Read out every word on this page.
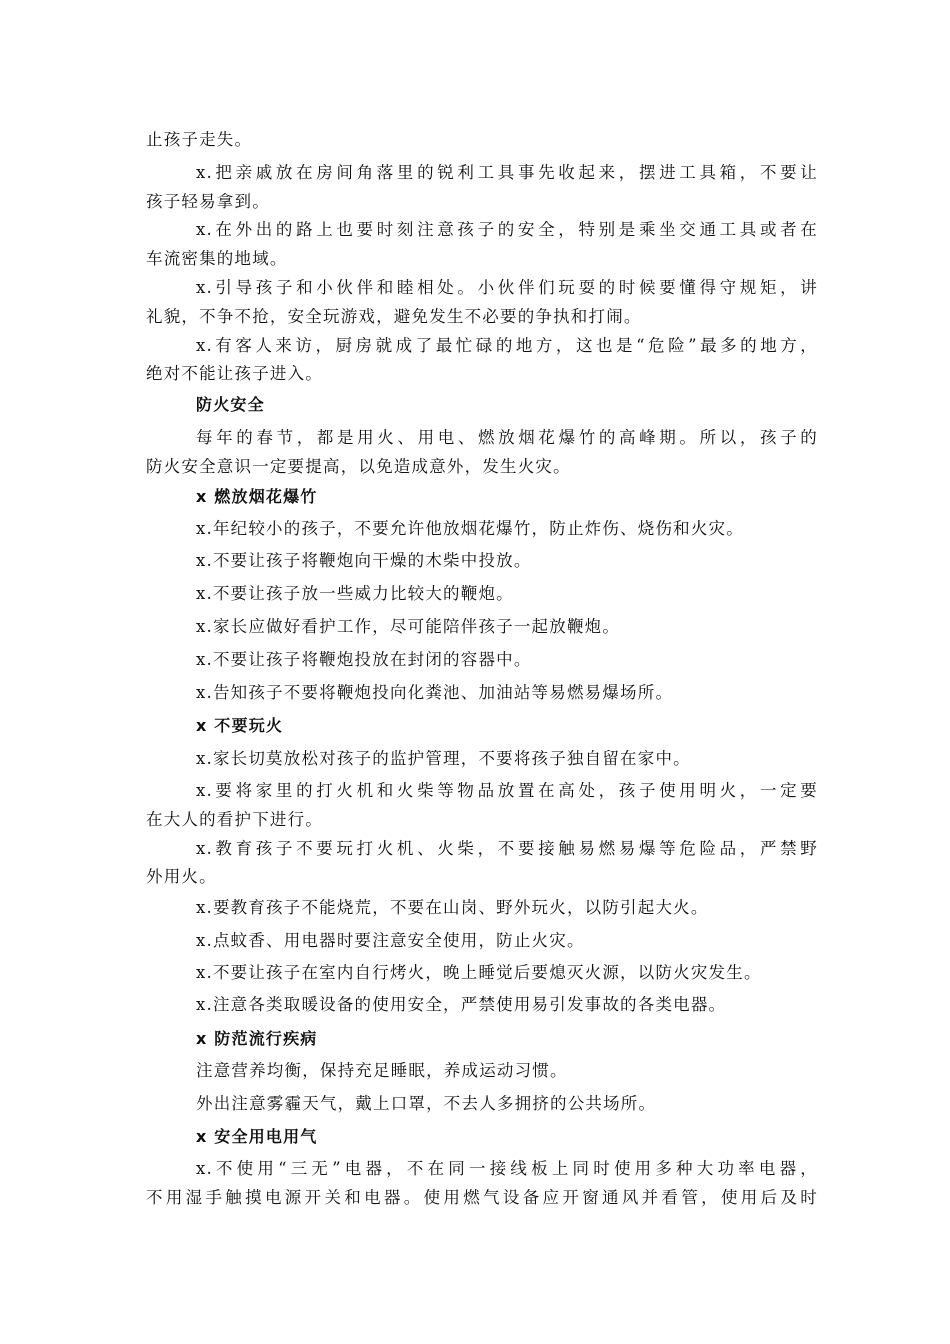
止孩子走失。
x.把亲戚放在房间角落里的锐利工具事先收起来，摆进工具箱，不要让
孩子轻易拿到。
x.在外出的路上也要时刻注意孩子的安全，特别是乘坐交通工具或者在
车流密集的地域。
x.引导孩子和小伙伴和睦相处。小伙伴们玩耍的时候要懂得守规矩，讲
礼貌，不争不抢，安全玩游戏，避免发生不必要的争执和打闹。
x.有客人来访，厨房就成了最忙碌的地方，这也是“危险”最多的地方，
绝对不能让孩子进入。
防火安全
每年的春节，都是用火、用电、燃放烟花爆竹的高峰期。所以，孩子的
防火安全意识一定要提高，以免造成意外，发生火灾。
x 燃放烟花爆竹
x.年纪较小的孩子，不要允许他放烟花爆竹，防止炸伤、烧伤和火灾。
x.不要让孩子将鞭炮向干燥的木柴中投放。
x.不要让孩子放一些威力比较大的鞭炮。
x.家长应做好看护工作，尽可能陪伴孩子一起放鞭炮。
x.不要让孩子将鞭炮投放在封闭的容器中。
x.告知孩子不要将鞭炮投向化粪池、加油站等易燃易爆场所。
x 不要玩火
x.家长切莫放松对孩子的监护管理，不要将孩子独自留在家中。
x.要将家里的打火机和火柴等物品放置在高处，孩子使用明火，一定要
在大人的看护下进行。
x.教育孩子不要玩打火机、火柴，不要接触易燃易爆等危险品，严禁野
外用火。
x.要教育孩子不能烧荒，不要在山岗、野外玩火，以防引起大火。
x.点蚊香、用电器时要注意安全使用，防止火灾。
x.不要让孩子在室内自行烤火，晚上睡觉后要熄灭火源，以防火灾发生。
x.注意各类取暖设备的使用安全，严禁使用易引发事故的各类电器。
x 防范流行疾病
注意营养均衡，保持充足睡眠，养成运动习惯。
外出注意雾霾天气，戴上口罩，不去人多拥挤的公共场所。
x 安全用电用气
x.不使用“三无”电器，不在同一接线板上同时使用多种大功率电器，
不用湿手触摸电源开关和电器。使用燃气设备应开窗通风并看管，使用后及时
